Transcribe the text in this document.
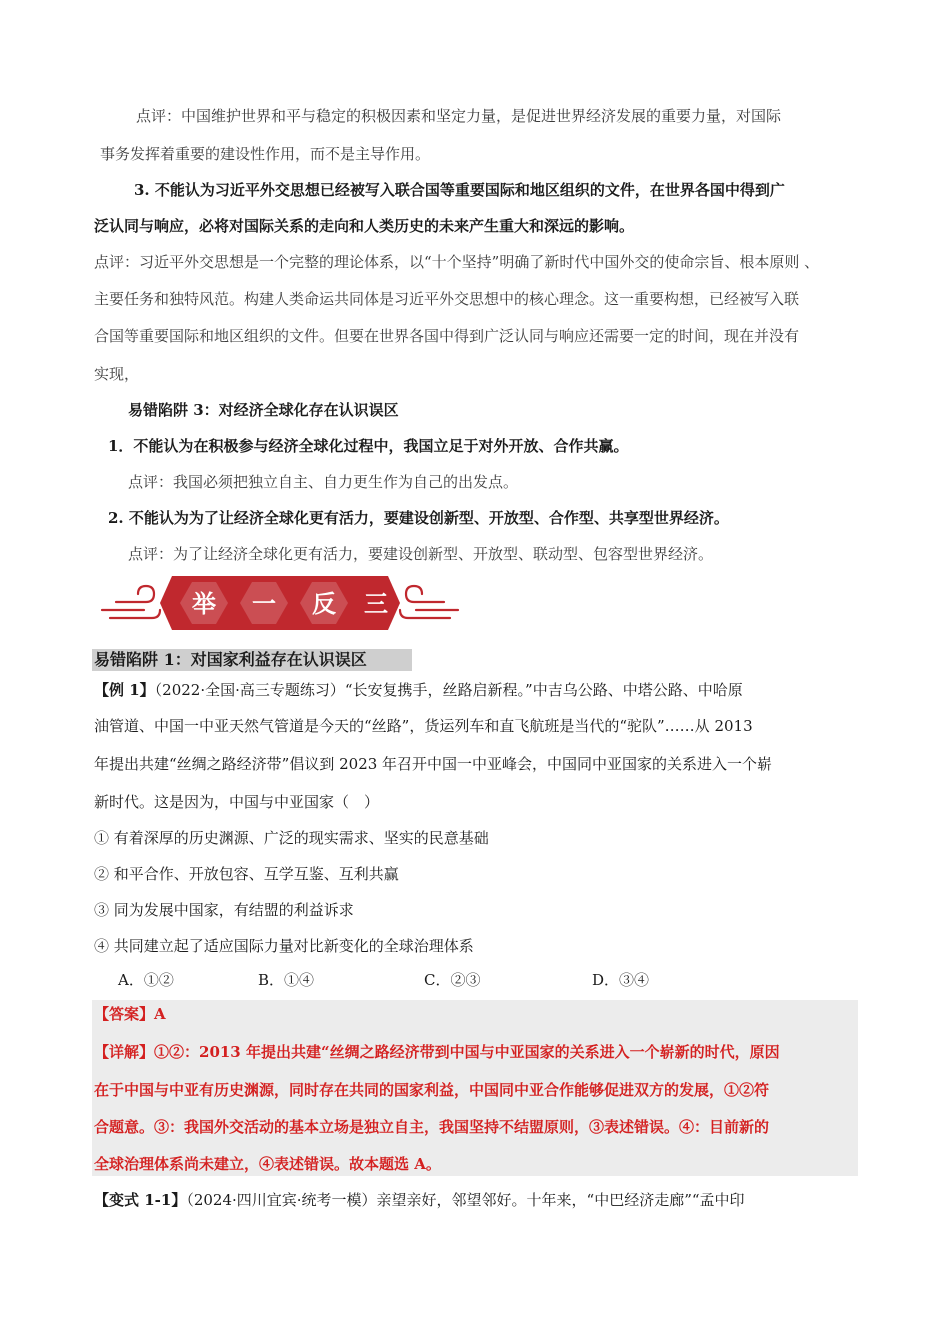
点评：中国维护世界和平与稳定的积极因素和坚定力量，是促进世界经济发展的重要力量，对国际
事务发挥着重要的建设性作用，而不是主导作用。
3. 不能认为习近平外交思想已经被写入联合国等重要国际和地区组织的文件，在世界各国中得到广
泛认同与响应，必将对国际关系的走向和人类历史的未来产生重大和深远的影响。
点评：习近平外交思想是一个完整的理论体系，以“十个坚持”明确了新时代中国外交的使命宗旨、根本原则 、
主要任务和独特风范。构建人类命运共同体是习近平外交思想中的核心理念。这一重要构想，已经被写入联
合国等重要国际和地区组织的文件。但要在世界各国中得到广泛认同与响应还需要一定的时间，现在并没有
实现，
易错陷阱 3：对经济全球化存在认识误区
1．不能认为在积极参与经济全球化过程中，我国立足于对外开放、合作共赢。
点评：我国必须把独立自主、自力更生作为自己的出发点。
2. 不能认为为了让经济全球化更有活力，要建设创新型、开放型、合作型、共享型世界经济。
点评：为了让经济全球化更有活力，要建设创新型、开放型、联动型、包容型世界经济。
举 一 反 三
易错陷阱 1：对国家利益存在认识误区
【例 1】（2022·全国·高三专题练习）“长安复携手，丝路启新程。”中吉乌公路、中塔公路、中哈原
油管道、中国一中亚天然气管道是今天的“丝路”，货运列车和直飞航班是当代的“驼队”……从 2013
年提出共建“丝绸之路经济带”倡议到 2023 年召开中国一中亚峰会，中国同中亚国家的关系进入一个崭
新时代。这是因为，中国与中亚国家（　）
① 有着深厚的历史渊源、广泛的现实需求、坚实的民意基础
② 和平合作、开放包容、互学互鉴、互利共赢
③ 同为发展中国家，有结盟的利益诉求
④ 共同建立起了适应国际力量对比新变化的全球治理体系
A．①②	B．①④	C．②③	D．③④
【答案】A
【详解】①②：2013 年提出共建“丝绸之路经济带到中国与中亚国家的关系进入一个崭新的时代，原因
在于中国与中亚有历史渊源，同时存在共同的国家利益，中国同中亚合作能够促进双方的发展，①②符
合题意。③：我国外交活动的基本立场是独立自主，我国坚持不结盟原则，③表述错误。④：目前新的
全球治理体系尚未建立，④表述错误。故本题选 A。
【变式 1-1】（2024·四川宜宾·统考一模）亲望亲好，邻望邻好。十年来，“中巴经济走廊”“孟中印
